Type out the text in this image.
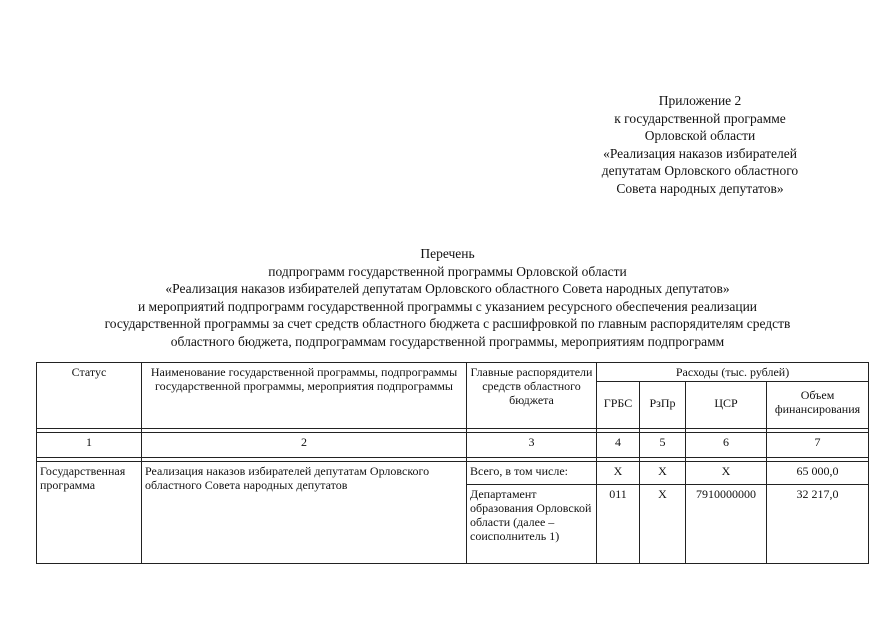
Приложение 2
к государственной программе
Орловской области
«Реализация наказов избирателей
депутатам Орловского областного
Совета народных депутатов»
Перечень
подпрограмм государственной программы Орловской области
«Реализация наказов избирателей депутатам Орловского областного Совета народных депутатов»
и мероприятий подпрограмм государственной программы с указанием ресурсного обеспечения реализации
государственной программы за счет средств областного бюджета с расшифровкой по главным распорядителям средств
областного бюджета, подпрограммам государственной программы, мероприятиям подпрограмм
Статус	Наименование государственной программы, подпрограммы государственной программы, мероприятия подпрограммы	Главные распорядители средств областного бюджета	Расходы (тыс. рублей)			
			ГРБС	РзПр	ЦСР	Объем финансирования

1	2	3	4	5	6	7

Государственная программа	Реализация наказов избирателей депутатам Орловского областного Совета народных депутатов	Всего, в том числе:	X	X	X	65 000,0
		Департамент образования Орловской области (далее – соисполнитель 1)	011	X	7910000000	32 217,0
